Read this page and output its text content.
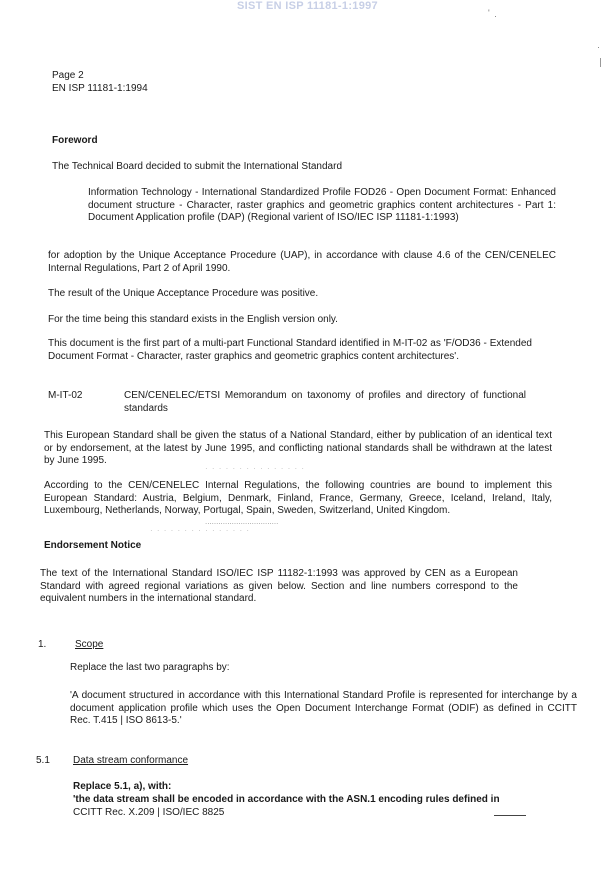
SIST EN ISP 11181-1:1997
' ·
·
Page 2
EN ISP 11181-1:1994
Foreword
The Technical Board decided to submit the International Standard
Information Technology - International Standardized Profile FOD26 - Open Document Format: Enhanced document structure - Character, raster graphics and geometric graphics content architectures - Part 1: Document Application profile (DAP) (Regional varient of ISO/IEC ISP 11181-1:1993)
for adoption by the Unique Acceptance Procedure (UAP), in accordance with clause 4.6 of the CEN/CENELEC Internal Regulations, Part 2 of April 1990.
The result of the Unique Acceptance Procedure was positive.
For the time being this standard exists in the English version only.
This document is the first part of a multi-part Functional Standard identified in M-IT-02 as 'F/OD36 - Extended Document Format - Character, raster graphics and geometric graphics content architectures'.
M-IT-02	CEN/CENELEC/ETSI Memorandum on taxonomy of profiles and directory of functional standards
This European Standard shall be given the status of a National Standard, either by publication of an identical text or by endorsement, at the latest by June 1995, and conflicting national standards shall be withdrawn at the latest by June 1995.
· · · · · · · · · · · · · · ·
According to the CEN/CENELEC Internal Regulations, the following countries are bound to implement this European Standard: Austria, Belgium, Denmark, Finland, France, Germany, Greece, Iceland, Ireland, Italy, Luxembourg, Netherlands, Norway, Portugal, Spain, Sweden, Switzerland, United Kingdom.
.................................
· · · · · · · · · · · · · · ·
Endorsement Notice
The text of the International Standard ISO/IEC ISP 11182-1:1993 was approved by CEN as a European Standard with agreed regional variations as given below. Section and line numbers correspond to the equivalent numbers in the international standard.
1.	Scope
Replace the last two paragraphs by:
'A document structured in accordance with this International Standard Profile is represented for interchange by a document application profile which uses the Open Document Interchange Format (ODIF) as defined in CCITT Rec. T.415 | ISO 8613-5.'
5.1 Data stream conformance
Replace 5.1, a), with:
'the data stream shall be encoded in accordance with the ASN.1 encoding rules defined in
CCITT Rec. X.209 | ISO/IEC 8825
